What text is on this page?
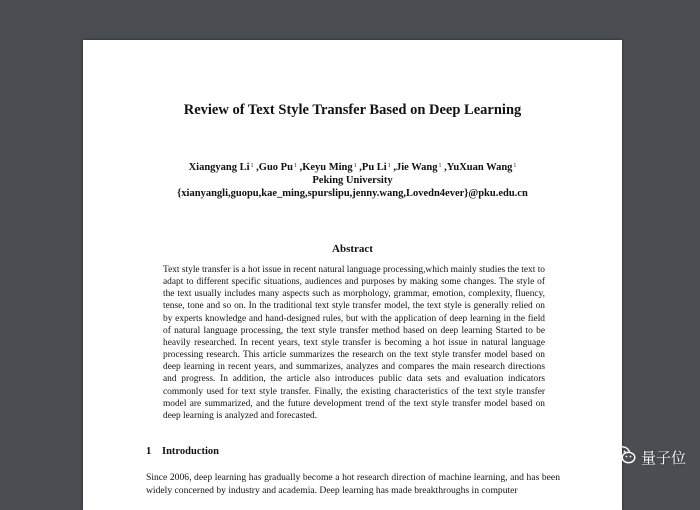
Review of Text Style Transfer Based on Deep Learning
Xiangyang Li$^1$ ,Guo Pu$^1$ ,Keyu Ming$^1$ ,Pu Li$^1$ ,Jie Wang$^1$ ,YuXuan Wang$^1$
Peking University
{xianyangli,guopu,kae_ming,spurslipu,jenny.wang,Lovedn4ever}@pku.edu.cn
Abstract
Text style transfer is a hot issue in recent natural language processing,which mainly studies the text to adapt to different specific situations, audiences and purposes by making some changes. The style of the text usually includes many aspects such as morphology, grammar, emotion, complexity, fluency, tense, tone and so on. In the traditional text style transfer model, the text style is generally relied on by experts knowledge and hand-designed rules, but with the application of deep learning in the field of natural language processing, the text style transfer method based on deep learning Started to be heavily researched. In recent years, text style transfer is becoming a hot issue in natural language processing research. This article summarizes the research on the text style transfer model based on deep learning in recent years, and summarizes, analyzes and compares the main research directions and progress. In addition, the article also introduces public data sets and evaluation indicators commonly used for text style transfer. Finally, the existing characteristics of the text style transfer model are summarized, and the future development trend of the text style transfer model based on deep learning is analyzed and forecasted.
1 Introduction
Since 2006, deep learning has gradually become a hot research direction of machine learning, and has been widely concerned by industry and academia. Deep learning has made breakthroughs in computer
量子位
